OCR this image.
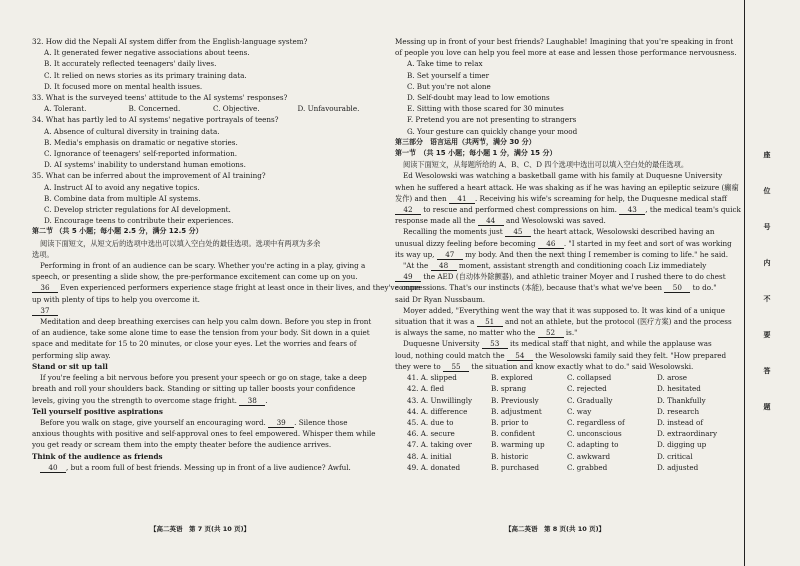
32. How did the Nepali AI system differ from the English-language system?
A. It generated fewer negative associations about teens.
B. It accurately reflected teenagers' daily lives.
C. It relied on news stories as its primary training data.
D. It focused more on mental health issues.
33. What is the surveyed teens' attitude to the AI systems' responses?
A. Tolerant.	B. Concerned.	C. Objective.	D. Unfavourable.
34. What has partly led to AI systems' negative portrayals of teens?
A. Absence of cultural diversity in training data.
B. Media's emphasis on dramatic or negative stories.
C. Ignorance of teenagers' self-reported information.
D. AI systems' inability to understand human emotions.
35. What can be inferred about the improvement of AI training?
A. Instruct AI to avoid any negative topics.
B. Combine data from multiple AI systems.
C. Develop stricter regulations for AI development.
D. Encourage teens to contribute their experiences.
第二节 （共 5 小题；每小题 2.5 分，满分 12.5 分）
阅读下面短文，从短文后的选项中选出可以填入空白处的最佳选项。选项中有两项为多余
选项。
Performing in front of an audience can be scary. Whether you're acting in a play, giving a
speech, or presenting a slide show, the pre-performance excitement can come up on you.
36 Even experienced performers experience stage fright at least once in their lives, and they've come
up with plenty of tips to help you overcome it.
37
Meditation and deep breathing exercises can help you calm down. Before you step in front
of an audience, take some alone time to ease the tension from your body. Sit down in a quiet
space and meditate for 15 to 20 minutes, or close your eyes. Let the worries and fears of
performing slip away.
Stand or sit up tall
If you're feeling a bit nervous before you present your speech or go on stage, take a deep
breath and roll your shoulders back. Standing or sitting up taller boosts your confidence
levels, giving you the strength to overcome stage fright. 38 .
Tell yourself positive aspirations
Before you walk on stage, give yourself an encouraging word. 39 . Silence those
anxious thoughts with positive and self-approval ones to feel empowered. Whisper them while
you get ready or scream them into the empty theater before the audience arrives.
Think of the audience as friends
40 , but a room full of best friends. Messing up in front of a live audience? Awful.
【高二英语　第 7 页(共 10 页)】
Messing up in front of your best friends? Laughable! Imagining that you're speaking in front
of people you love can help you feel more at ease and lessen those performance nervousness.
A. Take time to relax
B. Set yourself a timer
C. But you're not alone
D. Self-doubt may lead to low emotions
E. Sitting with those scared for 30 minutes
F. Pretend you are not presenting to strangers
G. Your gesture can quickly change your mood
第三部分　语言运用（共两节，满分 30 分）
第一节　（共 15 小题；每小题 1 分，满分 15 分）
阅读下面短文，从每题所给的 A、B、C、D 四个选项中选出可以填入空白处的最佳选项。
Ed Wesolowski was watching a basketball game with his family at Duquesne University
when he suffered a heart attack. He was shaking as if he was having an epileptic seizure (癫痫
发作) and then 41 . Receiving his wife's screaming for help, the Duquesne medical staff
42 to rescue and performed chest compressions on him. 43 , the medical team's quick
response made all the 44 and Wesolowski was saved.
Recalling the moments just 45 the heart attack, Wesolowski described having an
unusual dizzy feeling before becoming 46 . "I started in my feet and sort of was working
its way up, 47 my body. And then the next thing I remember is coming to life." he said.
"At the 48 moment, assistant strength and conditioning coach Liz immediately
49 the AED (自动体外除颤器), and athletic trainer Moyer and I rushed there to do chest
compressions. That's our instincts (本能), because that's what we've been 50 to do."
said Dr Ryan Nussbaum.
Moyer added, "Everything went the way that it was supposed to. It was kind of a unique
situation that it was a 51 and not an athlete, but the protocol (医疗方案) and the process
is always the same, no matter who the 52 is."
Duquesne University 53 its medical staff that night, and while the applause was
loud, nothing could match the 54 the Wesolowski family said they felt. "How prepared
they were to 55 the situation and know exactly what to do." said Wesolowski.
41. A. slipped	B. explored	C. collapsed	D. arose
42. A. fled	B. sprang	C. rejected	D. hesitated
43. A. Unwillingly	B. Previously	C. Gradually	D. Thankfully
44. A. difference	B. adjustment	C. way	D. research
45. A. due to	B. prior to	C. regardless of	D. instead of
46. A. secure	B. confident	C. unconscious	D. extraordinary
47. A. taking over	B. warming up	C. adapting to	D. digging up
48. A. initial	B. historic	C. awkward	D. critical
49. A. donated	B. purchased	C. grabbed	D. adjusted
【高二英语　第 8 页(共 10 页)】
座
位
号
内
不
要
答
题
